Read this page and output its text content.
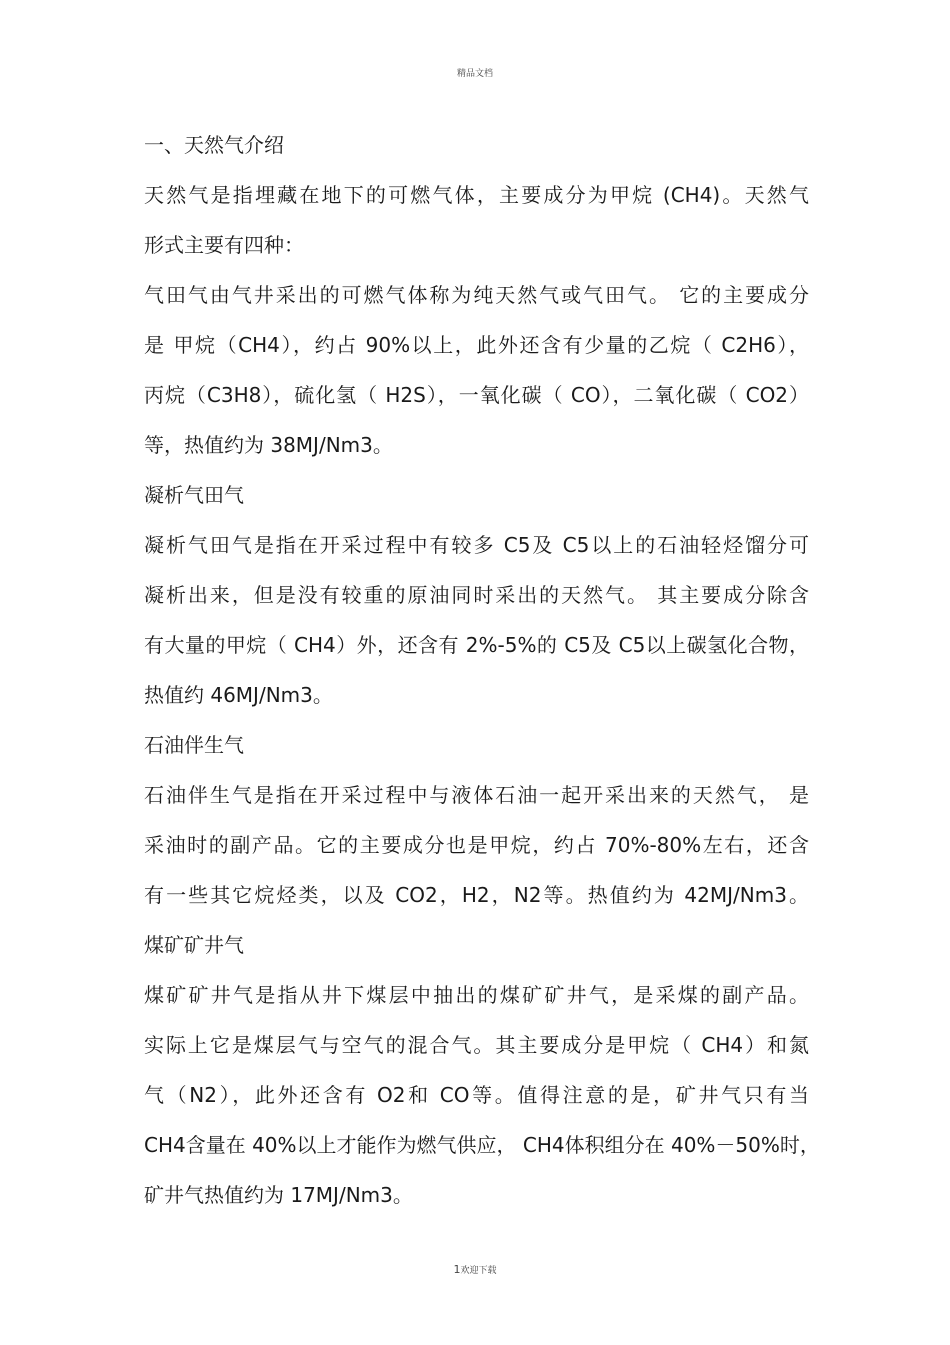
精品文档
一、天然气介绍
天然气是指埋藏在地下的可燃气体，主要成分为甲烷 (CH4)。天然气
形式主要有四种：
气田气由气井采出的可燃气体称为纯天然气或气田气。 它的主要成分
是 甲烷（CH4），约占 90%以上，此外还含有少量的乙烷（ C2H6），
丙烷（C3H8），硫化氢（ H2S），一氧化碳（ CO），二氧化碳（ CO2）
等，热值约为 38MJ/Nm3。
凝析气田气
凝析气田气是指在开采过程中有较多 C5及 C5以上的石油轻烃馏分可
凝析出来，但是没有较重的原油同时采出的天然气。 其主要成分除含
有大量的甲烷（ CH4）外，还含有 2%-5%的 C5及 C5以上碳氢化合物，
热值约 46MJ/Nm3。
石油伴生气
石油伴生气是指在开采过程中与液体石油一起开采出来的天然气， 是
采油时的副产品。它的主要成分也是甲烷，约占 70%-80%左右，还含
有一些其它烷烃类，以及 CO2，H2，N2等。热值约为 42MJ/Nm3。
煤矿矿井气
煤矿矿井气是指从井下煤层中抽出的煤矿矿井气，是采煤的副产品。
实际上它是煤层气与空气的混合气。其主要成分是甲烷（ CH4）和氮
气（N2），此外还含有 O2和 CO等。值得注意的是，矿井气只有当
CH4含量在 40%以上才能作为燃气供应， CH4体积组分在 40%－50%时，
矿井气热值约为 17MJ/Nm3。
1欢迎下载
